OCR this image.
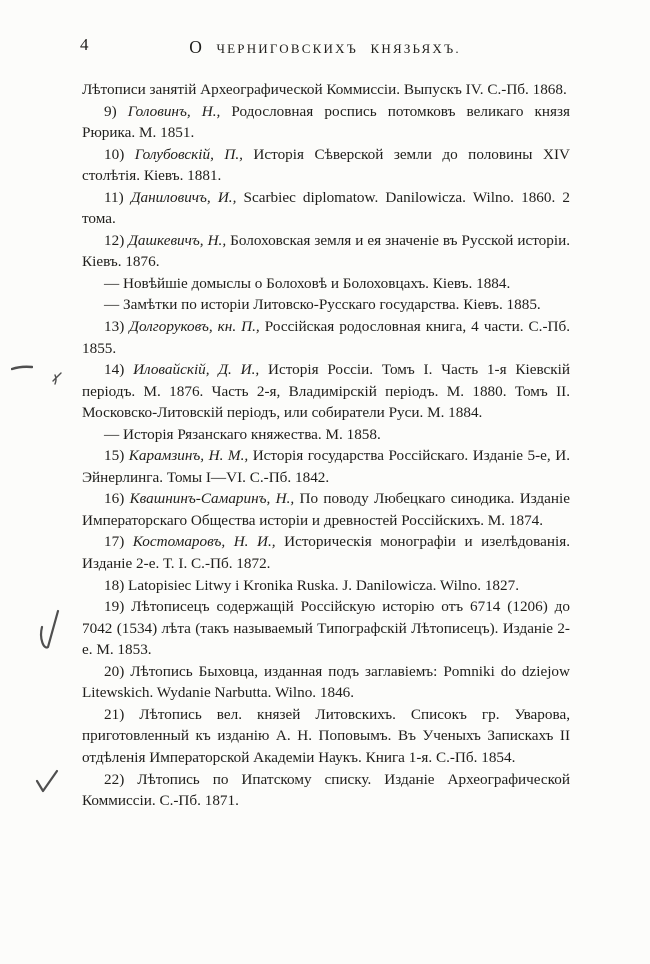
4	О ЧЕРНИГОВСКИХЪ КНЯЗЬЯХЪ.

Лѣтописи занятій Археографической Коммиссіи. Выпускъ IV. С.-Пб. 1868.

9) Головинъ, Н., Родословная роспись потомковъ великаго князя Рюрика. М. 1851.

10) Голубовскій, П., Исторія Сѣверской земли до половины XIV столѣтія. Кіевъ. 1881.

11) Даниловичъ, И., Scarbiec diplomatow. Danilowicza. Wilno. 1860. 2 тома.

12) Дашкевичъ, Н., Болоховская земля и ея значеніе въ Русской исторіи. Кіевъ. 1876.

— Новѣйшіе домыслы о Болоховѣ и Болоховцахъ. Кіевъ. 1884.

— Замѣтки по исторіи Литовско-Русскаго государства. Кіевъ. 1885.

13) Долгоруковъ, кн. П., Россійская родословная книга, 4 части. С.-Пб. 1855.

14) Иловайскій, Д. И., Исторія Россіи. Томъ I. Часть 1-я Кіевскій періодъ. М. 1876. Часть 2-я, Владимірскій періодъ. М. 1880. Томъ II. Московско-Литовскій періодъ, или собиратели Руси. М. 1884.

— Исторія Рязанскаго княжества. М. 1858.

15) Карамзинъ, Н. М., Исторія государства Россійскаго. Изданіе 5-е, И. Эйнерлинга. Томы I—VI. С.-Пб. 1842.

16) Квашнинъ-Самаринъ, Н., По поводу Любецкаго синодика. Изданіе Императорскаго Общества исторіи и древностей Россійскихъ. М. 1874.

17) Костомаровъ, Н. И., Историческія монографіи и изелѣдованія. Изданіе 2-е. Т. I. С.-Пб. 1872.

18) Latopisiec Litwy i Kronika Ruska. J. Danilowicza. Wilno. 1827.

19) Лѣтописецъ содержащій Россійскую исторію отъ 6714 (1206) до 7042 (1534) лѣта (такъ называемый Типографскій Лѣтописецъ). Изданіе 2-е. М. 1853.

20) Лѣтопись Быховца, изданная подъ заглавіемъ: Pomniki do dziejow Litewskich. Wydanie Narbutta. Wilno. 1846.

21) Лѣтопись вел. князей Литовскихъ. Списокъ гр. Уварова, приготовленный къ изданію А. Н. Поповымъ. Въ Ученыхъ Запискахъ II отдѣленія Императорской Академіи Наукъ. Книга 1-я. С.-Пб. 1854.

22) Лѣтопись по Ипатскому списку. Изданіе Археографической Коммиссіи. С.-Пб. 1871.
